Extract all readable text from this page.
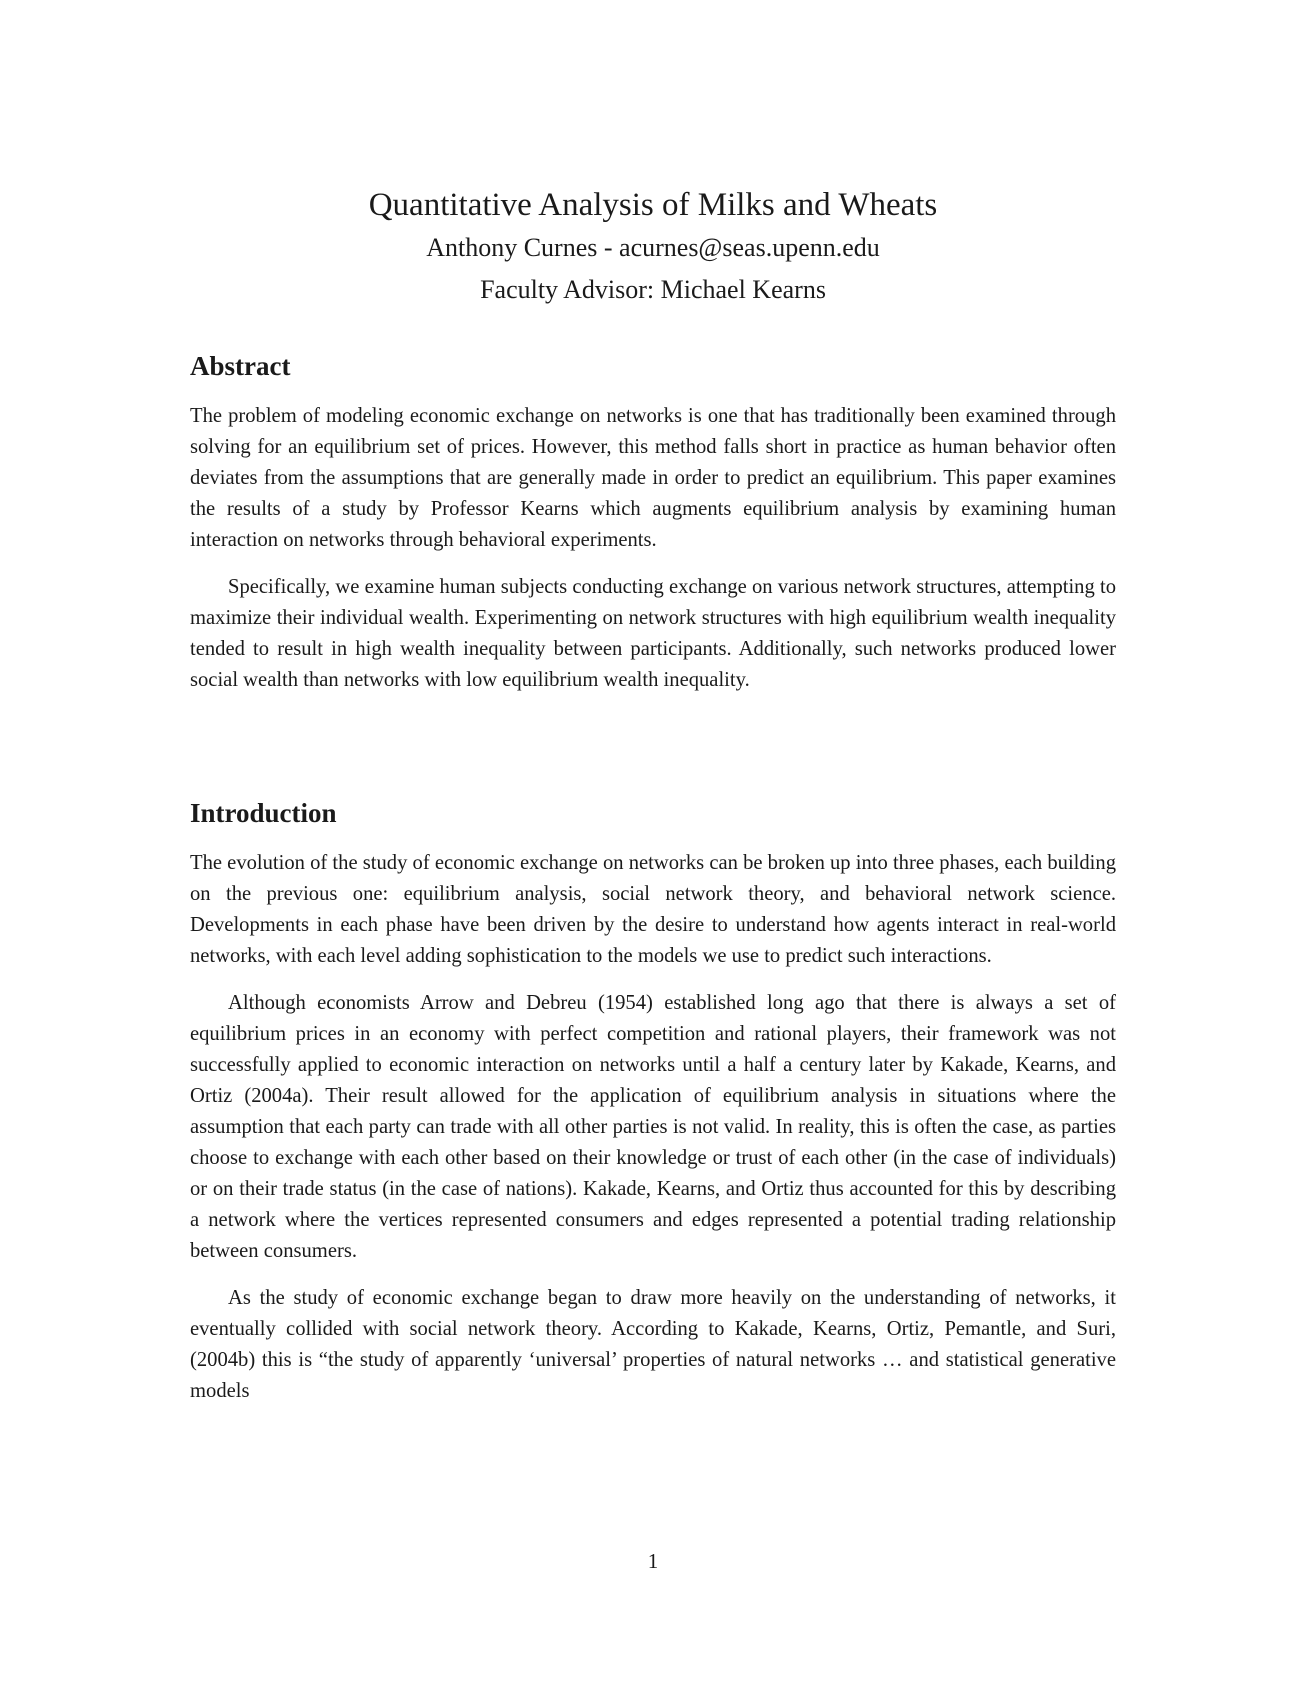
Quantitative Analysis of Milks and Wheats

Anthony Curnes - acurnes@seas.upenn.edu

Faculty Advisor: Michael Kearns

Abstract

The problem of modeling economic exchange on networks is one that has traditionally been examined through solving for an equilibrium set of prices. However, this method falls short in practice as human behavior often deviates from the assumptions that are generally made in order to predict an equilibrium. This paper examines the results of a study by Professor Kearns which augments equilibrium analysis by examining human interaction on networks through behavioral experiments.

Specifically, we examine human subjects conducting exchange on various network structures, attempting to maximize their individual wealth. Experimenting on network structures with high equilibrium wealth inequality tended to result in high wealth inequality between participants. Additionally, such networks produced lower social wealth than networks with low equilibrium wealth inequality.

Introduction

The evolution of the study of economic exchange on networks can be broken up into three phases, each building on the previous one: equilibrium analysis, social network theory, and behavioral network science. Developments in each phase have been driven by the desire to understand how agents interact in real-world networks, with each level adding sophistication to the models we use to predict such interactions.

Although economists Arrow and Debreu (1954) established long ago that there is always a set of equilibrium prices in an economy with perfect competition and rational players, their framework was not successfully applied to economic interaction on networks until a half a century later by Kakade, Kearns, and Ortiz (2004a). Their result allowed for the application of equilibrium analysis in situations where the assumption that each party can trade with all other parties is not valid. In reality, this is often the case, as parties choose to exchange with each other based on their knowledge or trust of each other (in the case of individuals) or on their trade status (in the case of nations). Kakade, Kearns, and Ortiz thus accounted for this by describing a network where the vertices represented consumers and edges represented a potential trading relationship between consumers.

As the study of economic exchange began to draw more heavily on the understanding of networks, it eventually collided with social network theory. According to Kakade, Kearns, Ortiz, Pemantle, and Suri, (2004b) this is “the study of apparently ‘universal’ properties of natural networks … and statistical generative models

1
